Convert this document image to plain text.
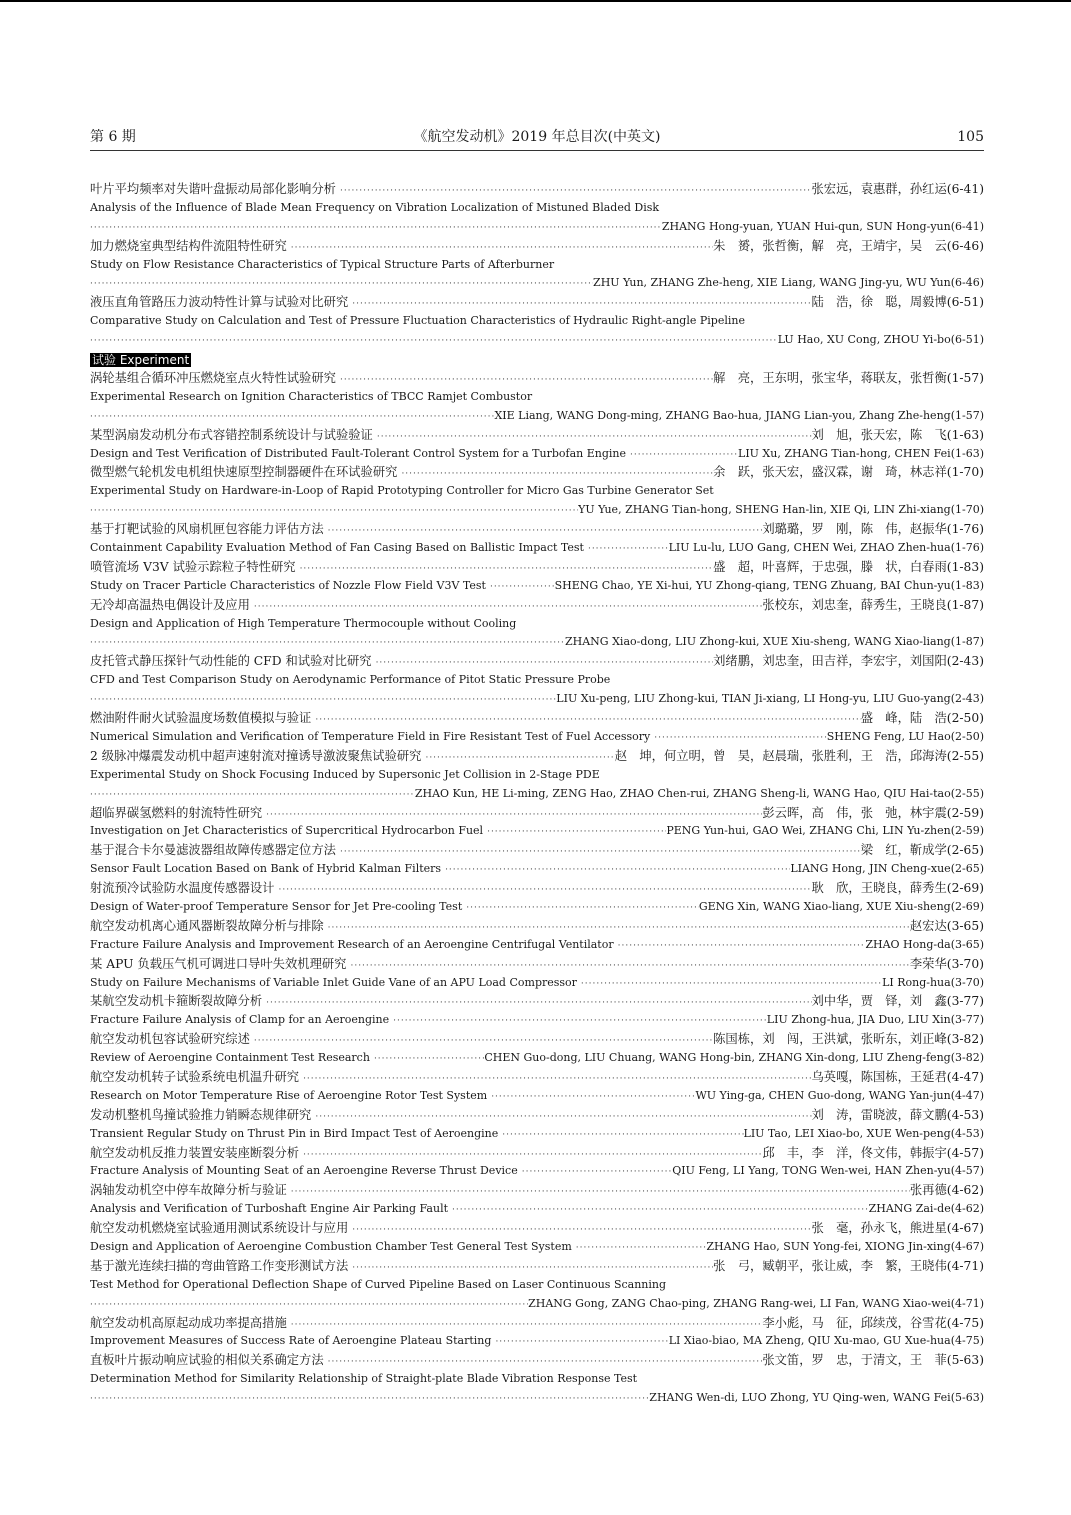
第 6 期	《航空发动机》2019 年总目次(中英文)	105
叶片平均频率对失谐叶盘振动局部化影响分析 ·····	张宏远，袁惠群，孙红运(6-41)
Analysis of the Influence of Blade Mean Frequency on Vibration Localization of Mistuned Bladed Disk
·····
ZHANG Hong-yuan, YUAN Hui-qun, SUN Hong-yun(6-41)
加力燃烧室典型结构件流阻特性研究 ·····	朱　赟，张哲衡，解　亮，王靖宇，吴　云(6-46)
Study on Flow Resistance Characteristics of Typical Structure Parts of Afterburner
·····
ZHU Yun, ZHANG Zhe-heng, XIE Liang, WANG Jing-yu, WU Yun(6-46)
液压直角管路压力波动特性计算与试验对比研究 ·····	陆　浩，徐　聪，周毅博(6-51)
Comparative Study on Calculation and Test of Pressure Fluctuation Characteristics of Hydraulic Right-angle Pipeline
·····
LU Hao, XU Cong, ZHOU Yi-bo(6-51)
试验 Experiment
涡轮基组合循环冲压燃烧室点火特性试验研究 ·····	解　亮，王东明，张宝华，蒋联友，张哲衡(1-57)
Experimental Research on Ignition Characteristics of TBCC Ramjet Combustor
·····
XIE Liang, WANG Dong-ming, ZHANG Bao-hua, JIANG Lian-you, Zhang Zhe-heng(1-57)
某型涡扇发动机分布式容错控制系统设计与试验验证 ·····	刘　旭，张天宏，陈　飞(1-63)
Design and Test Verification of Distributed Fault-Tolerant Control System for a Turbofan Engine ·····	LIU Xu, ZHANG Tian-hong, CHEN Fei(1-63)
微型燃气轮机发电机组快速原型控制器硬件在环试验研究 ·····	余　跃，张天宏，盛汉霖，谢　琦，林志祥(1-70)
Experimental Study on Hardware-in-Loop of Rapid Prototyping Controller for Micro Gas Turbine Generator Set
·····
YU Yue, ZHANG Tian-hong, SHENG Han-lin, XIE Qi, LIN Zhi-xiang(1-70)
基于打靶试验的风扇机匣包容能力评估方法 ·····	刘璐璐，罗　刚，陈　伟，赵振华(1-76)
Containment Capability Evaluation Method of Fan Casing Based on Ballistic Impact Test ·····	LIU Lu-lu, LUO Gang, CHEN Wei, ZHAO Zhen-hua(1-76)
喷管流场 V3V 试验示踪粒子特性研究 ·····	盛　超，叶喜辉，于忠强，滕　状，白春雨(1-83)
Study on Tracer Particle Characteristics of Nozzle Flow Field V3V Test ·····	SHENG Chao, YE Xi-hui, YU Zhong-qiang, TENG Zhuang, BAI Chun-yu(1-83)
无冷却高温热电偶设计及应用 ·····	张校东，刘忠奎，薛秀生，王晓良(1-87)
Design and Application of High Temperature Thermocouple without Cooling
·····
ZHANG Xiao-dong, LIU Zhong-kui, XUE Xiu-sheng, WANG Xiao-liang(1-87)
皮托管式静压探针气动性能的 CFD 和试验对比研究 ·····	刘绪鹏，刘忠奎，田吉祥，李宏宇，刘国阳(2-43)
CFD and Test Comparison Study on Aerodynamic Performance of Pitot Static Pressure Probe
·····
LIU Xu-peng, LIU Zhong-kui, TIAN Ji-xiang, LI Hong-yu, LIU Guo-yang(2-43)
燃油附件耐火试验温度场数值模拟与验证 ·····	盛　峰，陆　浩(2-50)
Numerical Simulation and Verification of Temperature Field in Fire Resistant Test of Fuel Accessory ·····	SHENG Feng, LU Hao(2-50)
2 级脉冲爆震发动机中超声速射流对撞诱导激波聚焦试验研究 ·····	赵　坤，何立明，曾　昊，赵晨瑞，张胜利，王　浩，邱海涛(2-55)
Experimental Study on Shock Focusing Induced by Supersonic Jet Collision in 2-Stage PDE
·····
ZHAO Kun, HE Li-ming, ZENG Hao, ZHAO Chen-rui, ZHANG Sheng-li, WANG Hao, QIU Hai-tao(2-55)
超临界碳氢燃料的射流特性研究 ·····	彭云晖，高　伟，张　弛，林宇震(2-59)
Investigation on Jet Characteristics of Supercritical Hydrocarbon Fuel ·····	PENG Yun-hui, GAO Wei, ZHANG Chi, LIN Yu-zhen(2-59)
基于混合卡尔曼滤波器组故障传感器定位方法 ·····	梁　红，靳成学(2-65)
Sensor Fault Location Based on Bank of Hybrid Kalman Filters ·····	LIANG Hong, JIN Cheng-xue(2-65)
射流预冷试验防水温度传感器设计 ·····	耿　欣，王晓良，薛秀生(2-69)
Design of Water-proof Temperature Sensor for Jet Pre-cooling Test ·····	GENG Xin, WANG Xiao-liang, XUE Xiu-sheng(2-69)
航空发动机离心通风器断裂故障分析与排除 ·····	赵宏达(3-65)
Fracture Failure Analysis and Improvement Research of an Aeroengine Centrifugal Ventilator ·····	ZHAO Hong-da(3-65)
某 APU 负载压气机可调进口导叶失效机理研究 ·····	李荣华(3-70)
Study on Failure Mechanisms of Variable Inlet Guide Vane of an APU Load Compressor ·····	LI Rong-hua(3-70)
某航空发动机卡箍断裂故障分析 ·····	刘中华，贾　铎，刘　鑫(3-77)
Fracture Failure Analysis of Clamp for an Aeroengine ·····	LIU Zhong-hua, JIA Duo, LIU Xin(3-77)
航空发动机包容试验研究综述 ·····	陈国栋，刘　闯，王洪斌，张昕东，刘正峰(3-82)
Review of Aeroengine Containment Test Research ·····	CHEN Guo-dong, LIU Chuang, WANG Hong-bin, ZHANG Xin-dong, LIU Zheng-feng(3-82)
航空发动机转子试验系统电机温升研究 ·····	乌英嘎，陈国栋，王延君(4-47)
Research on Motor Temperature Rise of Aeroengine Rotor Test System ·····	WU Ying-ga, CHEN Guo-dong, WANG Yan-jun(4-47)
发动机整机鸟撞试验推力销瞬态规律研究 ·····	刘　涛，雷晓波，薛文鹏(4-53)
Transient Regular Study on Thrust Pin in Bird Impact Test of Aeroengine ·····	LIU Tao, LEI Xiao-bo, XUE Wen-peng(4-53)
航空发动机反推力装置安装座断裂分析 ·····	邱　丰，李　洋，佟文伟，韩振宇(4-57)
Fracture Analysis of Mounting Seat of an Aeroengine Reverse Thrust Device ·····	QIU Feng, LI Yang, TONG Wen-wei, HAN Zhen-yu(4-57)
涡轴发动机空中停车故障分析与验证 ·····	张再德(4-62)
Analysis and Verification of Turboshaft Engine Air Parking Fault ·····	ZHANG Zai-de(4-62)
航空发动机燃烧室试验通用测试系统设计与应用 ·····	张　毫，孙永飞，熊进星(4-67)
Design and Application of Aeroengine Combustion Chamber Test General Test System ·····	ZHANG Hao, SUN Yong-fei, XIONG Jin-xing(4-67)
基于激光连续扫描的弯曲管路工作变形测试方法 ·····	张　弓，臧朝平，张让威，李　繁，王晓伟(4-71)
Test Method for Operational Deflection Shape of Curved Pipeline Based on Laser Continuous Scanning
·····
ZHANG Gong, ZANG Chao-ping, ZHANG Rang-wei, LI Fan, WANG Xiao-wei(4-71)
航空发动机高原起动成功率提高措施 ·····	李小彪，马　征，邱续茂，谷雪花(4-75)
Improvement Measures of Success Rate of Aeroengine Plateau Starting ·····	LI Xiao-biao, MA Zheng, QIU Xu-mao, GU Xue-hua(4-75)
直板叶片振动响应试验的相似关系确定方法 ·····	张文笛，罗　忠，于清文，王　菲(5-63)
Determination Method for Similarity Relationship of Straight-plate Blade Vibration Response Test
·····
ZHANG Wen-di, LUO Zhong, YU Qing-wen, WANG Fei(5-63)
